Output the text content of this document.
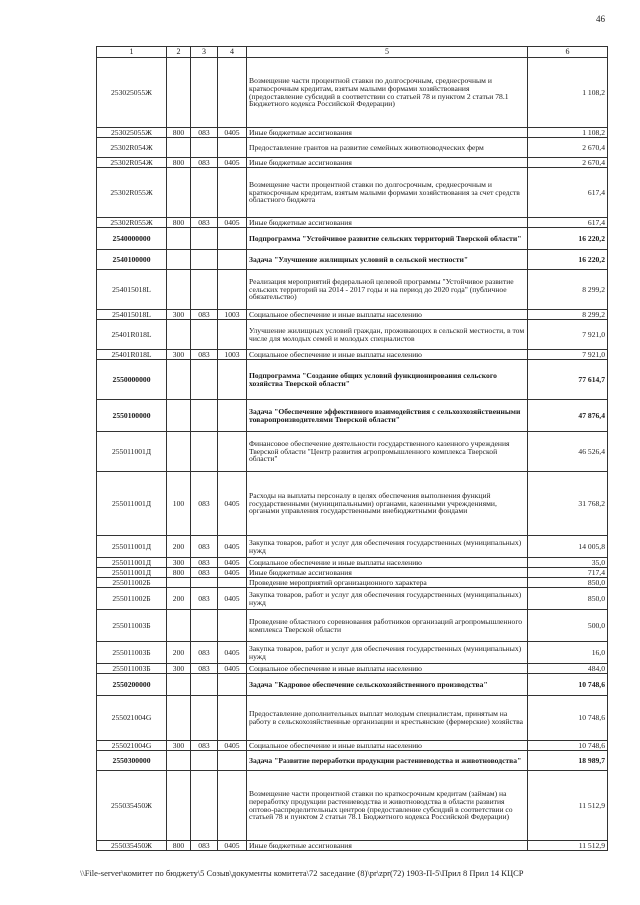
46
1	2	3	4	5	6
253025055Ж				Возмещение части процентной ставки по долгосрочным, среднесрочным и краткосрочным кредитам, взятым малыми формами хозяйствования (предоставление субсидий в соответствии со статьей 78 и пунктом 2 статьи 78.1 Бюджетного кодекса Российской Федерации)	1 108,2
253025055Ж	800	083	0405	Иные бюджетные ассигнования	1 108,2
25302R054Ж				Предоставление грантов на развитие семейных животноводческих ферм	2 670,4
25302R054Ж	800	083	0405	Иные бюджетные ассигнования	2 670,4
25302R055Ж				Возмещение части процентной ставки по долгосрочным, среднесрочным и краткосрочным кредитам, взятым малыми формами хозяйствования за счет средств областного бюджета	617,4
25302R055Ж	800	083	0405	Иные бюджетные ассигнования	617,4
2540000000				Подпрограмма "Устойчивое развитие сельских территорий Тверской области"	16 220,2
2540100000				Задача "Улучшение жилищных условий в сельской местности"	16 220,2
254015018L				Реализация мероприятий федеральной целевой программы "Устойчивое развитие сельских территорий на 2014 - 2017 годы и на период до 2020 года" (публичное обязательство)	8 299,2
254015018L	300	083	1003	Социальное обеспечение и иные выплаты населению	8 299,2
25401R018L				Улучшение жилищных условий граждан, проживающих в сельской местности, в том числе для молодых семей и молодых специалистов	7 921,0
25401R018L	300	083	1003	Социальное обеспечение и иные выплаты населению	7 921,0
2550000000				Подпрограмма "Создание общих условий функционирования сельского хозяйства Тверской области"	77 614,7
2550100000				Задача "Обеспечение эффективного взаимодействия с сельхозхозяйственными товаропроизводителями Тверской области"	47 876,4
255011001Д				Финансовое обеспечение деятельности государственного казенного учреждения Тверской области "Центр развития агропромышленного комплекса Тверской области"	46 526,4
255011001Д	100	083	0405	Расходы на выплаты персоналу в целях обеспечения выполнения функций государственными (муниципальными) органами, казенными учреждениями, органами управления государственными внебюджетными фондами	31 768,2
255011001Д	200	083	0405	Закупка товаров, работ и услуг для обеспечения государственных (муниципальных) нужд	14 005,8
255011001Д	300	083	0405	Социальное обеспечение и иные выплаты населению	35,0
255011001Д	800	083	0405	Иные бюджетные ассигнования	717,4
255011002Б				Проведение мероприятий организационного характера	850,0
255011002Б	200	083	0405	Закупка товаров, работ и услуг для обеспечения государственных (муниципальных) нужд	850,0
255011003Б				Проведение областного соревнования работников организаций агропромышленного комплекса Тверской области	500,0
255011003Б	200	083	0405	Закупка товаров, работ и услуг для обеспечения государственных (муниципальных) нужд	16,0
255011003Б	300	083	0405	Социальное обеспечение и иные выплаты населению	484,0
2550200000				Задача "Кадровое обеспечение сельскохозяйственного производства"	10 748,6
255021004G				Предоставление дополнительных выплат молодым специалистам, принятым на работу в сельскохозяйственные организации и крестьянские (фермерские) хозяйства	10 748,6
255021004G	300	083	0405	Социальное обеспечение и иные выплаты населению	10 748,6
2550300000				Задача "Развитие переработки продукции растениеводства и животноводства"	18 989,7
255035450Ж				Возмещение части процентной ставки по краткосрочным кредитам (займам) на переработку продукции растениеводства и животноводства в области развития оптово-распределительных центров (предоставление субсидий в соответствии со статьей 78 и пунктом 2 статьи 78.1 Бюджетного кодекса Российской Федерации)	11 512,9
255035450Ж	800	083	0405	Иные бюджетные ассигнования	11 512,9
\\File-server\комитет по бюджету\5 Созыв\документы комитета\72 заседание (8)\pr\zpr(72) 1903-П-5\Прил 8 Прил 14 КЦСР
